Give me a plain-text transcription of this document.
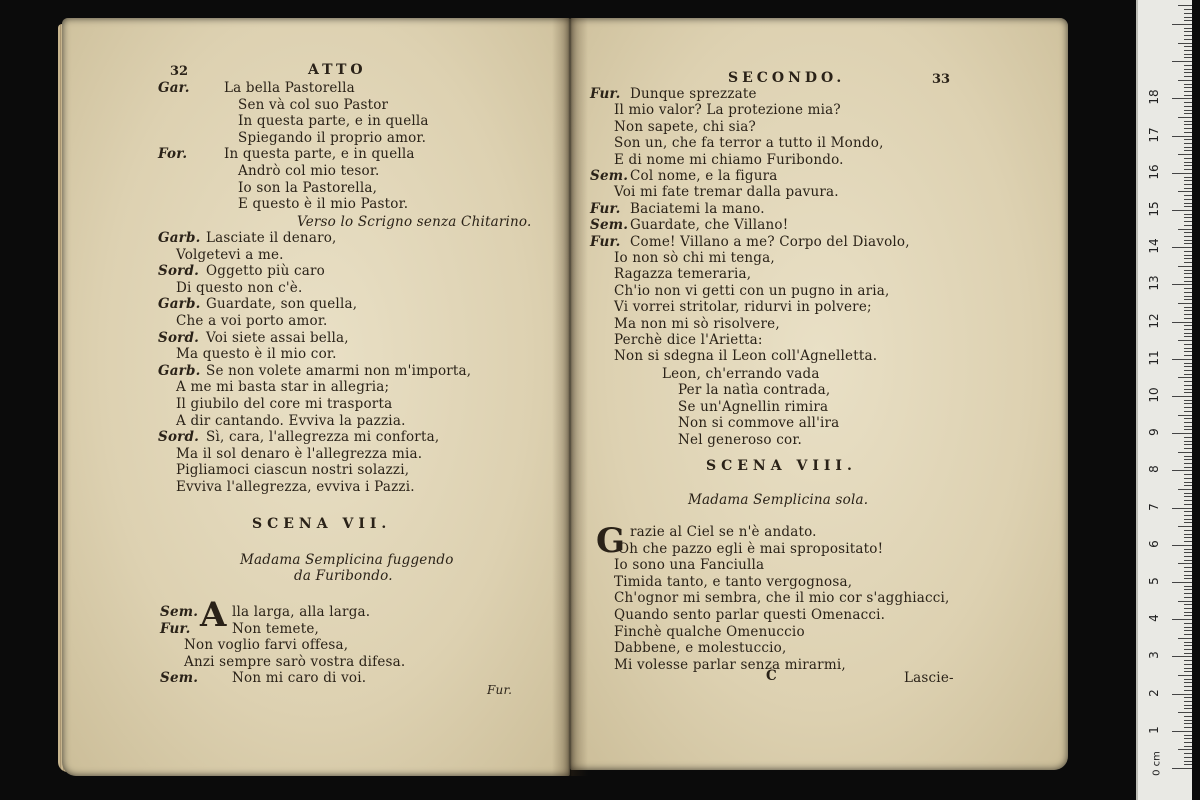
32	ATTO
Gar.	La bella Pastorella
Sen và col suo Pastor
In questa parte, e in quella
Spiegando il proprio amor.
For.	In questa parte, e in quella
Andrò col mio tesor.
Io son la Pastorella,
E questo è il mio Pastor.
Verso lo Scrigno senza Chitarino.
Garb. Lasciate il denaro,
Volgetevi a me.
Sord. Oggetto più caro
Di questo non c'è.
Garb. Guardate, son quella,
Che a voi porto amor.
Sord. Voi siete assai bella,
Ma questo è il mio cor.
Garb. Se non volete amarmi non m'importa,
A me mi basta star in allegria;
Il giubilo del core mi trasporta
A dir cantando. Evviva la pazzia.
Sord. Sì, cara, l'allegrezza mi conforta,
Ma il sol denaro è l'allegrezza mia.
Pigliamoci ciascun nostri solazzi,
Evviva l'allegrezza, evviva i Pazzi.
SCENA VII.
Madama Semplicina fuggendo
da Furibondo.
A
Sem.	lla larga, alla larga.
Fur.	Non temete,
Non voglio farvi offesa,
Anzi sempre sarò vostra difesa.
Sem.	Non mi caro di voi.
Fur.
SECONDO.	33
Fur. Dunque sprezzate
Il mio valor? La protezione mia?
Non sapete, chi sia?
Son un, che fa terror a tutto il Mondo,
E di nome mi chiamo Furibondo.
Sem. Col nome, e la figura
Voi mi fate tremar dalla pavura.
Fur. Baciatemi la mano.
Sem. Guardate, che Villano!
Fur. Come! Villano a me? Corpo del Diavolo,
Io non sò chi mi tenga,
Ragazza temeraria,
Ch'io non vi getti con un pugno in aria,
Vi vorrei stritolar, ridurvi in polvere;
Ma non mi sò risolvere,
Perchè dice l'Arietta:
Non si sdegna il Leon coll'Agnelletta.
Leon, ch'errando vada
Per la natìa contrada,
Se un'Agnellin rimira
Non si commove all'ira
Nel generoso cor.
SCENA VIII.
Madama Semplicina sola.
G razie al Ciel se n'è andato.
Oh che pazzo egli è mai spropositato!
Io sono una Fanciulla
Timida tanto, e tanto vergognosa,
Ch'ognor mi sembra, che il mio cor s'agghiacci,
Quando sento parlar questi Omenacci.
Finchè qualche Omenuccio
Dabbene, e molestuccio,
Mi volesse parlar senza mirarmi,
C	Lascie-
1
2
3
4
5
6
7
8
9
10
11
12
13
14
15
16
17
18
0 cm
